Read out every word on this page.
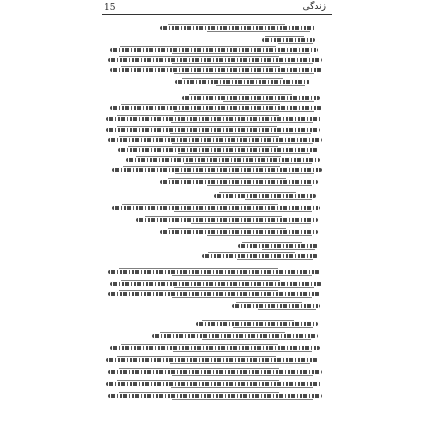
15	زندگی
